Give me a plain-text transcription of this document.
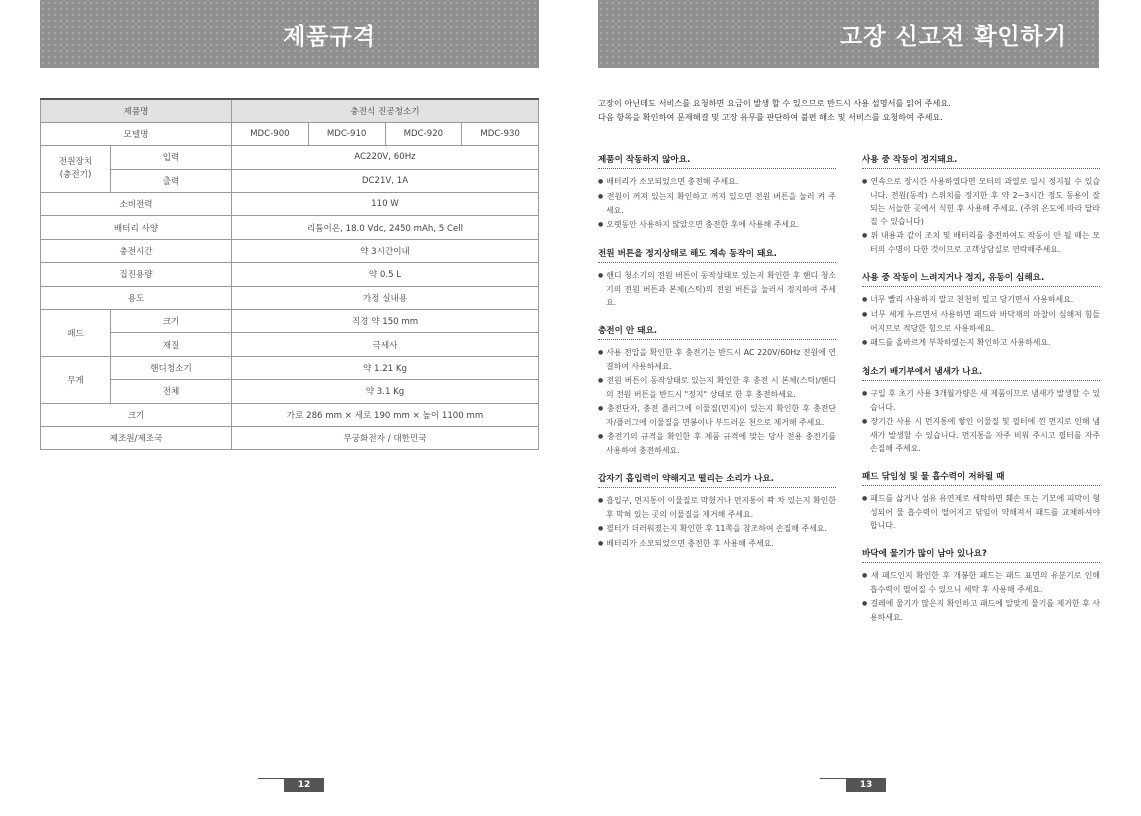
제품규격
제품명		충전식 진공청소기			
모델명		MDC-900	MDC-910	MDC-920	MDC-930
전원장치
(충전기)	입력	AC220V, 60Hz			
	출력	DC21V, 1A			
소비전력		110 W			
배터리 사양		리튬이온, 18.0 Vdc, 2450 mAh, 5 Cell			
충전시간		약 3시간이내			
집진용량		약 0.5 L			
용도		가정 실내용			
패드	크기	직경 약 150 mm			
	재질	극세사			
무게	핸디청소기	약 1.21 Kg			
	전체	약 3.1 Kg			
크기		가로 286 mm × 세로 190 mm × 높이 1100 mm			
제조원/제조국		무궁화전자 / 대한민국			
12
고장 신고전 확인하기
고장이 아닌데도 서비스를 요청하면 요금이 발생 할 수 있으므로 반드시 사용 설명서를 읽어 주세요.
다음 항목을 확인하여 문제해결 및 고장 유무를 판단하여 불편 해소 및 서비스를 요청하여 주세요.
제품이 작동하지 않아요.
● 배터리가 소모되었으면 충전해 주세요.
● 전원이 꺼져 있는지 확인하고 꺼져 있으면 전원 버튼을 눌러 켜 주세요.
● 오랫동안 사용하지 않았으면 충전한 후에 사용해 주세요.
전원 버튼을 정지상태로 해도 계속 동작이 돼요.
● 핸디 청소기의 전원 버튼이 동작상태로 있는지 확인한 후 핸디 청소기의 전원 버튼과 본체(스틱)의 전원 버튼을 눌러서 정지하여 주세요.
충전이 안 돼요.
● 사용 전압을 확인한 후 충전기는 반드시 AC 220V/60Hz 전원에 연결하여 사용하세요.
● 전원 버튼이 동작상태로 있는지 확인한 후 충전 시 본체(스틱)/핸디의 전원 버튼을 반드시 "정지" 상태로 한 후 충전하세요.
● 충전단자, 충전 플러그에 이물질(먼지)이 있는지 확인한 후 충전단자/플러그에 이물질을 면봉이나 부드러운 천으로 제거해 주세요.
● 충전기의 규격을 확인한 후 제품 규격에 맞는 당사 전용 충전기를 사용하여 충전하세요.
갑자기 흡입력이 약해지고 떨리는 소리가 나요.
● 흡입구, 먼지통이 이물질로 막혔거나 먼지통이 꽉 차 있는지 확인한 후 막혀 있는 곳의 이물질을 제거해 주세요.
● 필터가 더러워졌는지 확인한 후 11쪽을 참조하여 손질해 주세요.
● 배터리가 소모되었으면 충전한 후 사용해 주세요.
사용 중 작동이 정지돼요.
● 연속으로 장시간 사용하였다면 모터의 과열로 일시 정지될 수 있습니다. 전원(동작) 스위치를 정지한 후 약 2~3시간 정도 동용이 잘되는 서늘한 곳에서 식힌 후 사용해 주세요. (주위 온도에 따라 달라질 수 있습니다)
● 위 내용과 같이 조치 및 배터리를 충전하여도 작동이 안 될 때는 모터의 수명이 다한 것이므로 고객상담실로 연락해주세요.
사용 중 작동이 느려지거나 정지, 유동이 심해요.
● 너무 빨리 사용하지 말고 천천히 밀고 당기면서 사용하세요.
● 너무 세게 누르면서 사용하면 패드와 바닥재의 마찰이 심해져 힘들어지므로 적당한 힘으로 사용하세요.
● 패드를 올바르게 부착하였는지 확인하고 사용하세요.
청소기 배기부에서 냄새가 나요.
● 구입 후 초기 사용 3개월가량은 새 제품이므로 냄새가 발생할 수 있습니다.
● 장기간 사용 시 먼지통에 쌓인 이물질 및 필터에 낀 먼지로 인해 냄새가 발생할 수 있습니다. 먼지통을 자주 비워 주시고 필터를 자주 손질해 주세요.
패드 닦임성 및 물 흡수력이 저하될 때
● 패드를 삶거나 섬유 유연제로 세탁하면 훼손 또는 기모에 피막이 형성되어 물 흡수력이 떨어지고 닦임이 약해져서 패드를 교체하셔야 합니다.
바닥에 물기가 많이 남아 있나요?
● 새 패드인지 확인한 후 개봉한 패드는 패드 표면의 유분기로 인해 흡수력이 떨어질 수 있으니 세탁 후 사용해 주세요.
● 걸레에 물기가 많은지 확인하고 패드에 알맞게 물기를 제거한 후 사용하세요.
13
